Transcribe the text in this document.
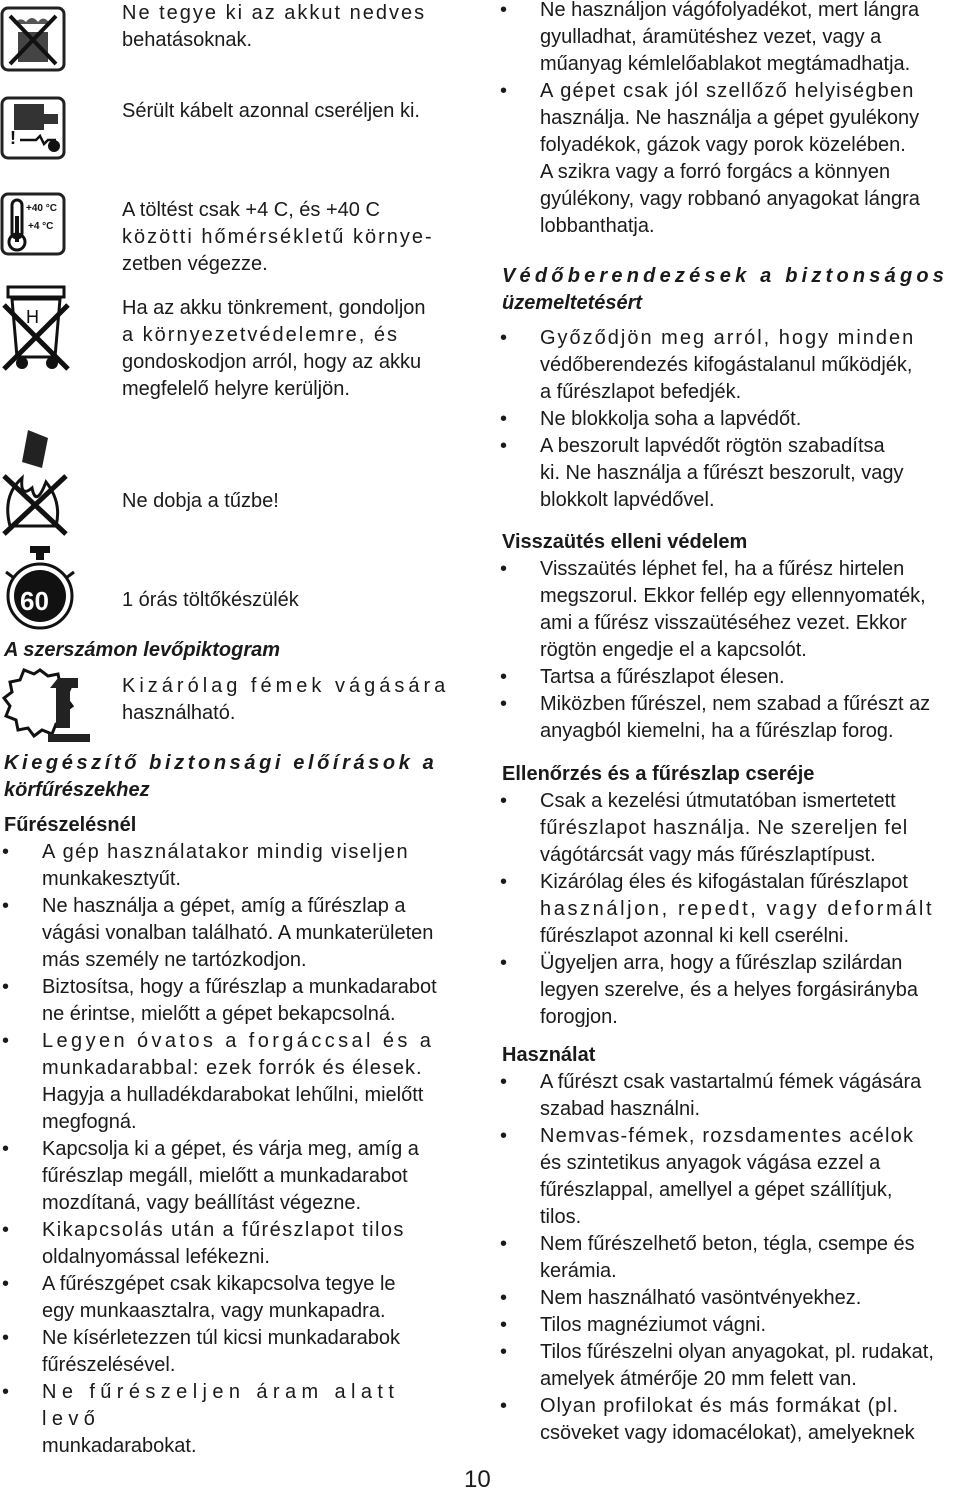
Ne tegye ki az akkut nedves

behatásoknak.

!

Sérült kábelt azonnal cseréljen ki.

+40 °C
+4 °C

A töltést csak +4 C, és +40 C

közötti hőmérsékletű környe-

zetben végezze.

H	Ha az akku tönkrement, gondoljon

a környezetvédelemre, és

gondoskodjon arról, hogy az akku

megfelelő helyre kerüljön.

Ne dobja a tűzbe!

60	1 órás töltőkészülék

A szerszámon levőpiktogram

Kizárólag fémek vágására

használható.

Kiegészítő biztonsági előírások a
körfűrészekhez
Fűrészelésnél
• A gép használatakor mindig viseljen
munkakesztyűt.
• Ne használja a gépet, amíg a fűrészlap a
vágási vonalban található. A munkaterületen
más személy ne tartózkodjon.
• Biztosítsa, hogy a fűrészlap a munkadarabot
ne érintse, mielőtt a gépet bekapcsolná.
• Legyen óvatos a forgáccsal és a
munkadarabbal: ezek forrók és élesek.
Hagyja a hulladékdarabokat lehűlni, mielőtt
megfogná.
• Kapcsolja ki a gépet, és várja meg, amíg a
fűrészlap megáll, mielőtt a munkadarabot
mozdítaná, vagy beállítást végezne.
• Kikapcsolás után a fűrészlapot tilos
oldalnyomással lefékezni.
• A fűrészgépet csak kikapcsolva tegye le
egy munkaasztalra, vagy munkapadra.
• Ne kísérletezzen túl kicsi munkadarabok
fűrészelésével.
• Ne fűrészeljen áram alatt levő
munkadarabokat.
• Ne használjon vágófolyadékot, mert lángra
gyulladhat, áramütéshez vezet, vagy a
műanyag kémlelőablakot megtámadhatja.
• A gépet csak jól szellőző helyiségben
használja. Ne használja a gépet gyulékony
folyadékok, gázok vagy porok közelében.
A szikra vagy a forró forgács a könnyen
gyúlékony, vagy robbanó anyagokat lángra
lobbanthatja.
Védőberendezések a biztonságos
üzemeltetésért
• Győződjön meg arról, hogy minden
védőberendezés kifogástalanul működjék,
a fűrészlapot befedjék.
• Ne blokkolja soha a lapvédőt.
• A beszorult lapvédőt rögtön szabadítsa
ki. Ne használja a fűrészt beszorult, vagy
blokkolt lapvédővel.
Visszaütés elleni védelem
• Visszaütés léphet fel, ha a fűrész hirtelen
megszorul. Ekkor fellép egy ellennyomaték,
ami a fűrész visszaütéséhez vezet. Ekkor
rögtön engedje el a kapcsolót.
• Tartsa a fűrészlapot élesen.
• Miközben fűrészel, nem szabad a fűrészt az
anyagból kiemelni, ha a fűrészlap forog.
Ellenőrzés és a fűrészlap cseréje
• Csak a kezelési útmutatóban ismertetett
fűrészlapot használja. Ne szereljen fel
vágótárcsát vagy más fűrészlaptípust.
• Kizárólag éles és kifogástalan fűrészlapot
használjon, repedt, vagy deformált
fűrészlapot azonnal ki kell cserélni.
• Ügyeljen arra, hogy a fűrészlap szilárdan
legyen szerelve, és a helyes forgásirányba
forogjon.
Használat
• A fűrészt csak vastartalmú fémek vágására
szabad használni.
• Nemvas-fémek, rozsdamentes acélok
és szintetikus anyagok vágása ezzel a
fűrészlappal, amellyel a gépet szállítjuk,
tilos.
• Nem fűrészelhető beton, tégla, csempe és
kerámia.
• Nem használható vasöntvényekhez.
• Tilos magnéziumot vágni.
• Tilos fűrészelni olyan anyagokat, pl. rudakat,
amelyek átmérője 20 mm felett van.
• Olyan profilokat és más formákat (pl.
csöveket vagy idomacélokat), amelyeknek
10
